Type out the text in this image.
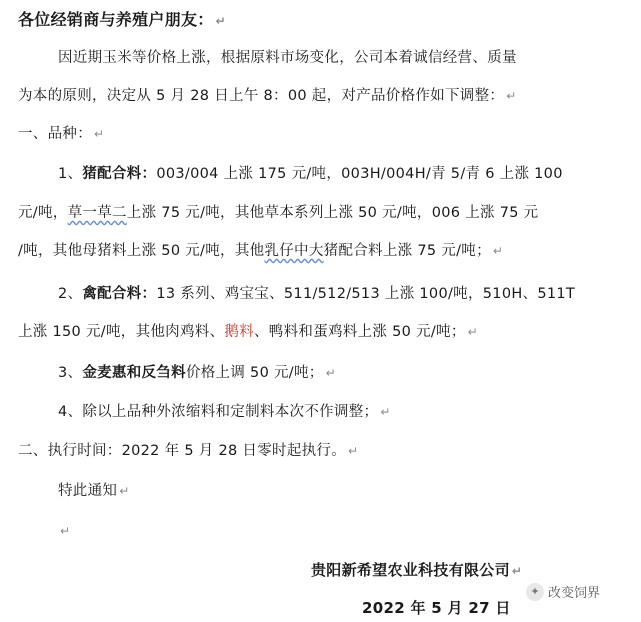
各位经销商与养殖户朋友： ↵
因近期玉米等价格上涨，根据原料市场变化，公司本着诚信经营、质量
为本的原则，决定从 5 月 28 日上午 8：00 起，对产品价格作如下调整： ↵
一、品种： ↵
1、猪配合料：003/004 上涨 175 元/吨，003H/004H/青 5/青 6 上涨 100
元/吨，草一草二上涨 75 元/吨，其他草本系列上涨 50 元/吨，006 上涨 75 元
/吨，其他母猪料上涨 50 元/吨，其他乳仔中大猪配合料上涨 75 元/吨； ↵
2、禽配合料：13 系列、鸡宝宝、511/512/513 上涨 100/吨，510H、511T
上涨 150 元/吨，其他肉鸡料、鹅料、鸭料和蛋鸡料上涨 50 元/吨； ↵
3、金麦惠和反刍料价格上调 50 元/吨； ↵
4、除以上品种外浓缩料和定制料本次不作调整； ↵
二、执行时间：2022 年 5 月 28 日零时起执行。 ↵
特此通知 ↵
↵
贵阳新希望农业科技有限公司 ↵
2022 年 5 月 27 日
✦ 改变饲界
